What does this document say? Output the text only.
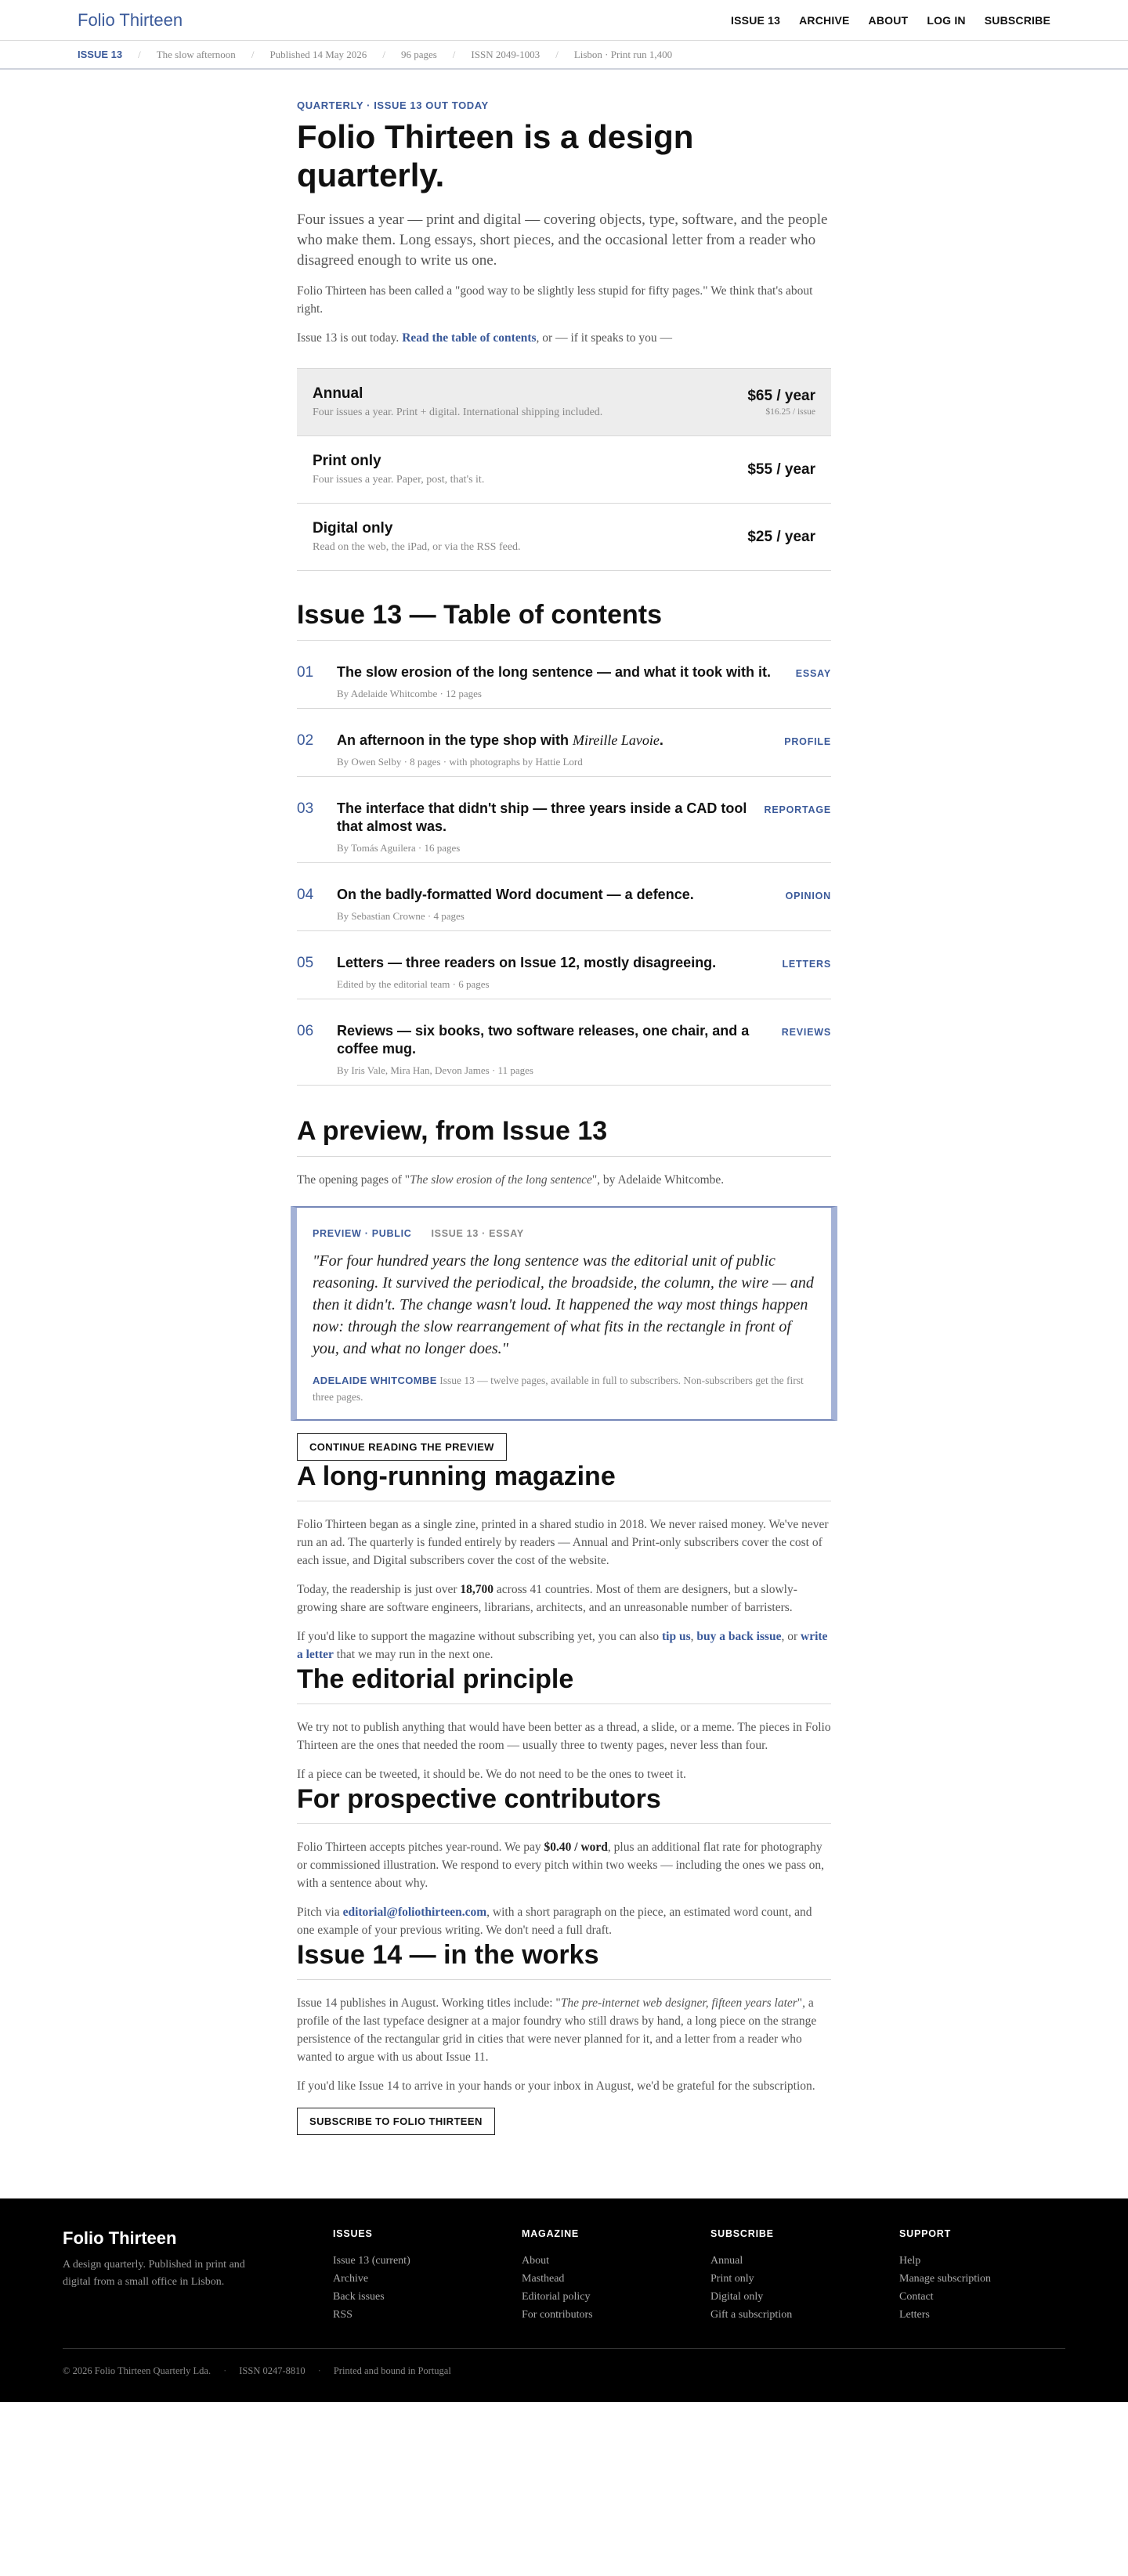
Folio Thirteen	ISSUE 13 ARCHIVE ABOUT LOG IN SUBSCRIBE
ISSUE 13 / The slow afternoon / Published 14 May 2026 / 96 pages / ISSN 2049-1003 / Lisbon · Print run 1,400
QUARTERLY · ISSUE 13 OUT TODAY
Folio Thirteen is a design quarterly.

Four issues a year — print and digital — covering objects, type, software, and the people who make them. Long essays, short pieces, and the occasional letter from a reader who disagreed enough to write us one.

Folio Thirteen has been called a "good way to be slightly less stupid for fifty pages." We think that's about right.

Issue 13 is out today. Read the table of contents, or — if it speaks to you —

Annual
Four issues a year. Print + digital. International shipping included.
$65 / year
$16.25 / issue
Print only
Four issues a year. Paper, post, that's it.
$55 / year
Digital only
Read on the web, the iPad, or via the RSS feed.
$25 / year
Issue 13 — Table of contents
01	The slow erosion of the long sentence — and what it took with it.
By Adelaide Whitcombe · 12 pages
ESSAY
02	An afternoon in the type shop with Mireille Lavoie.
By Owen Selby · 8 pages · with photographs by Hattie Lord
PROFILE
03	The interface that didn't ship — three years inside a CAD tool that almost was.
By Tomás Aguilera · 16 pages
REPORTAGE
04	On the badly-formatted Word document — a defence.
By Sebastian Crowne · 4 pages
OPINION
05	Letters — three readers on Issue 12, mostly disagreeing.
Edited by the editorial team · 6 pages
LETTERS
06	Reviews — six books, two software releases, one chair, and a coffee mug.
By Iris Vale, Mira Han, Devon James · 11 pages
REVIEWS
A preview, from Issue 13

The opening pages of "The slow erosion of the long sentence", by Adelaide Whitcombe.

PREVIEW · PUBLIC ISSUE 13 · ESSAY
"For four hundred years the long sentence was the editorial unit of public reasoning. It survived the periodical, the broadside, the column, the wire — and then it didn't. The change wasn't loud. It happened the way most things happen now: through the slow rearrangement of what fits in the rectangle in front of you, and what no longer does."

ADELAIDE WHITCOMBE Issue 13 — twelve pages, available in full to subscribers. Non-subscribers get the first three pages.

CONTINUE READING THE PREVIEW
A long-running magazine

Folio Thirteen began as a single zine, printed in a shared studio in 2018. We never raised money. We've never run an ad. The quarterly is funded entirely by readers — Annual and Print-only subscribers cover the cost of each issue, and Digital subscribers cover the cost of the website.

Today, the readership is just over 18,700 across 41 countries. Most of them are designers, but a slowly-growing share are software engineers, librarians, architects, and an unreasonable number of barristers.

If you'd like to support the magazine without subscribing yet, you can also tip us, buy a back issue, or write a letter that we may run in the next one.

The editorial principle

We try not to publish anything that would have been better as a thread, a slide, or a meme. The pieces in Folio Thirteen are the ones that needed the room — usually three to twenty pages, never less than four.

If a piece can be tweeted, it should be. We do not need to be the ones to tweet it.

For prospective contributors

Folio Thirteen accepts pitches year-round. We pay $0.40 / word, plus an additional flat rate for photography or commissioned illustration. We respond to every pitch within two weeks — including the ones we pass on, with a sentence about why.

Pitch via editorial@foliothirteen.com, with a short paragraph on the piece, an estimated word count, and one example of your previous writing. We don't need a full draft.

Issue 14 — in the works

Issue 14 publishes in August. Working titles include: "The pre-internet web designer, fifteen years later", a profile of the last typeface designer at a major foundry who still draws by hand, a long piece on the strange persistence of the rectangular grid in cities that were never planned for it, and a letter from a reader who wanted to argue with us about Issue 11.

If you'd like Issue 14 to arrive in your hands or your inbox in August, we'd be grateful for the subscription.

SUBSCRIBE TO FOLIO THIRTEEN
Folio Thirteen
A design quarterly. Published in print and digital from a small office in Lisbon.
ISSUES
Issue 13 (current)
Archive
Back issues
RSS
MAGAZINE
About
Masthead
Editorial policy
For contributors
SUBSCRIBE
Annual
Print only
Digital only
Gift a subscription
SUPPORT
Help
Manage subscription
Contact
Letters
© 2026 Folio Thirteen Quarterly Lda. · ISSN 0247-8810 · Printed and bound in Portugal
